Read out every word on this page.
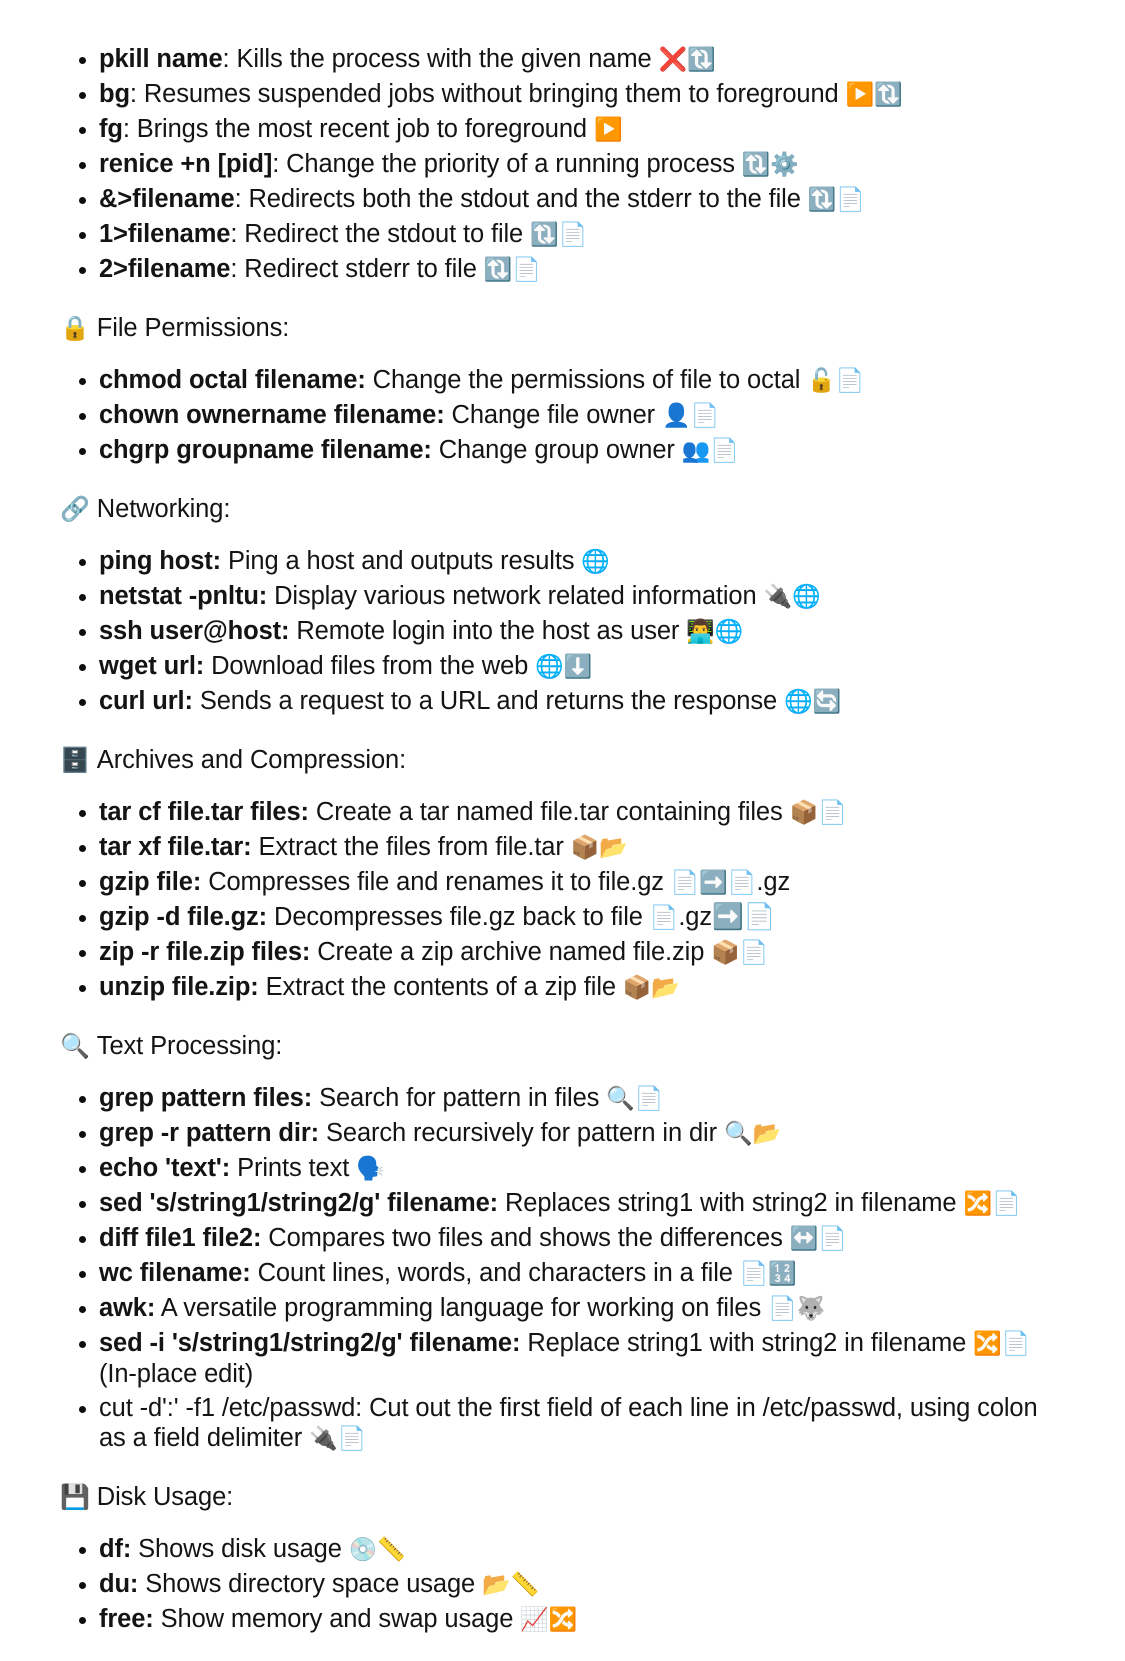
pkill name: Kills the process with the given name ❌🔃
bg: Resumes suspended jobs without bringing them to foreground ▶️🔃
fg: Brings the most recent job to foreground ▶️
renice +n [pid]: Change the priority of a running process 🔃⚙️
&>filename: Redirects both the stdout and the stderr to the file 🔃📄
1>filename: Redirect the stdout to file 🔃📄
2>filename: Redirect stderr to file 🔃📄
🔒 File Permissions:
chmod octal filename: Change the permissions of file to octal 🔓📄
chown ownername filename: Change file owner 👤📄
chgrp groupname filename: Change group owner 👥📄
🔗 Networking:
ping host: Ping a host and outputs results 🌐
netstat -pnltu: Display various network related information 🔌🌐
ssh user@host: Remote login into the host as user 👨‍💻🌐
wget url: Download files from the web 🌐⬇️
curl url: Sends a request to a URL and returns the response 🌐🔄
🗄️ Archives and Compression:
tar cf file.tar files: Create a tar named file.tar containing files 📦📄
tar xf file.tar: Extract the files from file.tar 📦📂
gzip file: Compresses file and renames it to file.gz 📄➡️📄.gz
gzip -d file.gz: Decompresses file.gz back to file 📄.gz➡️📄
zip -r file.zip files: Create a zip archive named file.zip 📦📄
unzip file.zip: Extract the contents of a zip file 📦📂
🔍 Text Processing:
grep pattern files: Search for pattern in files 🔍📄
grep -r pattern dir: Search recursively for pattern in dir 🔍📂
echo 'text': Prints text 🗣️
sed 's/string1/string2/g' filename: Replaces string1 with string2 in filename 🔀📄
diff file1 file2: Compares two files and shows the differences ↔️📄
wc filename: Count lines, words, and characters in a file 📄🔢
awk: A versatile programming language for working on files 📄🐺
sed -i 's/string1/string2/g' filename: Replace string1 with string2 in filename 🔀📄 (In-place edit)
cut -d':' -f1 /etc/passwd: Cut out the first field of each line in /etc/passwd, using colon as a field delimiter 🔌📄
💾 Disk Usage:
df: Shows disk usage 💿📏
du: Shows directory space usage 📂📏
free: Show memory and swap usage 📈🔀
